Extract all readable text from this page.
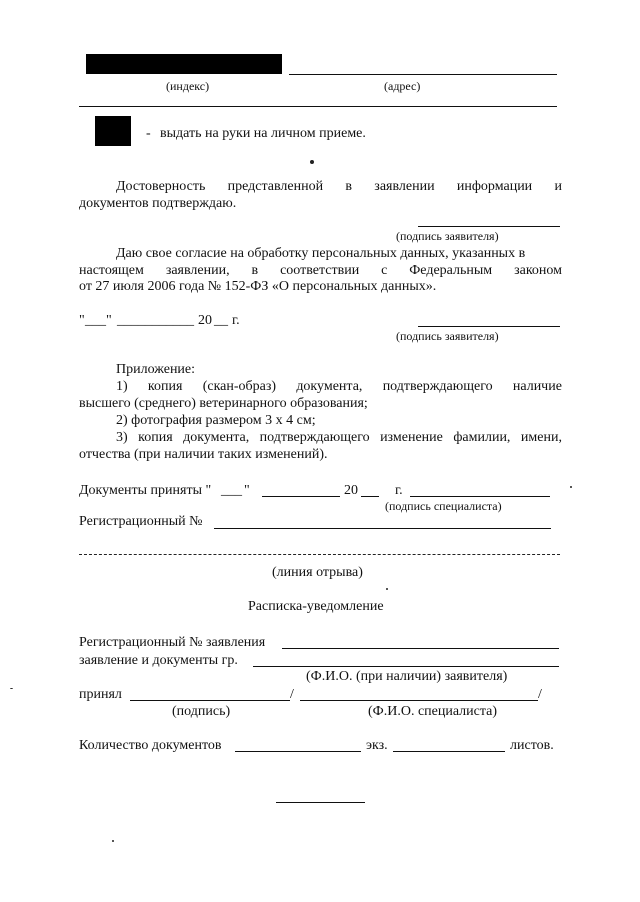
(индекс)	(адрес)
- выдать на руки на личном приеме.
Достоверность представленной в заявлении информации и
документов подтверждаю.
(подпись заявителя)
Даю свое согласие на обработку персональных данных, указанных в
настоящем заявлении, в соответствии с Федеральным законом
от 27 июля 2006 года № 152-ФЗ «О персональных данных».
" ___ " ___________ 20 __ г.
(подпись заявителя)
Приложение:
1) копия (скан-образ) документа, подтверждающего наличие
высшего (среднего) ветеринарного образования;
2) фотография размером 3 х 4 см;
3) копия документа, подтверждающего изменение фамилии, имени,
отчества (при наличии таких изменений).
Документы приняты " ___ "	20	г.
(подпись специалиста)
Регистрационный №
(линия отрыва)
Расписка-уведомление
Регистрационный № заявления
заявление и документы гр.
(Ф.И.О. (при наличии) заявителя)
принял	/	/
(подпись)	(Ф.И.О. специалиста)
Количество документов	экз.	листов.
